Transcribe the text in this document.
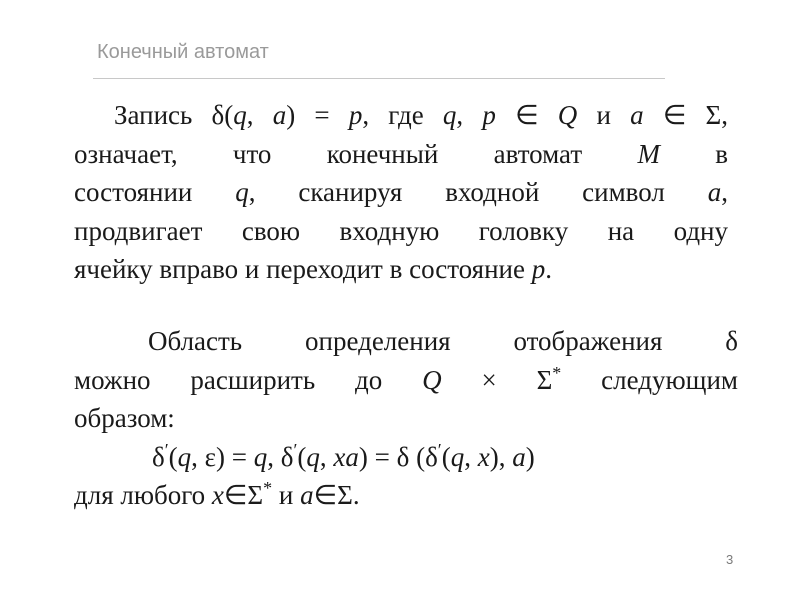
Конечный автомат
Запись δ(q, a) = p, где q, p ∈ Q и a ∈ Σ,
означает, что конечный автомат M в
состоянии q, сканируя входной символ a,
продвигает свою входную головку на одну
ячейку вправо и переходит в состояние p.
Область определения отображения δ
можно расширить до Q × Σ* следующим
образом:
δ′(q, ε) = q, δ′(q, xa) = δ (δ′(q, x), a)
для любого x∈Σ* и a∈Σ.
3
